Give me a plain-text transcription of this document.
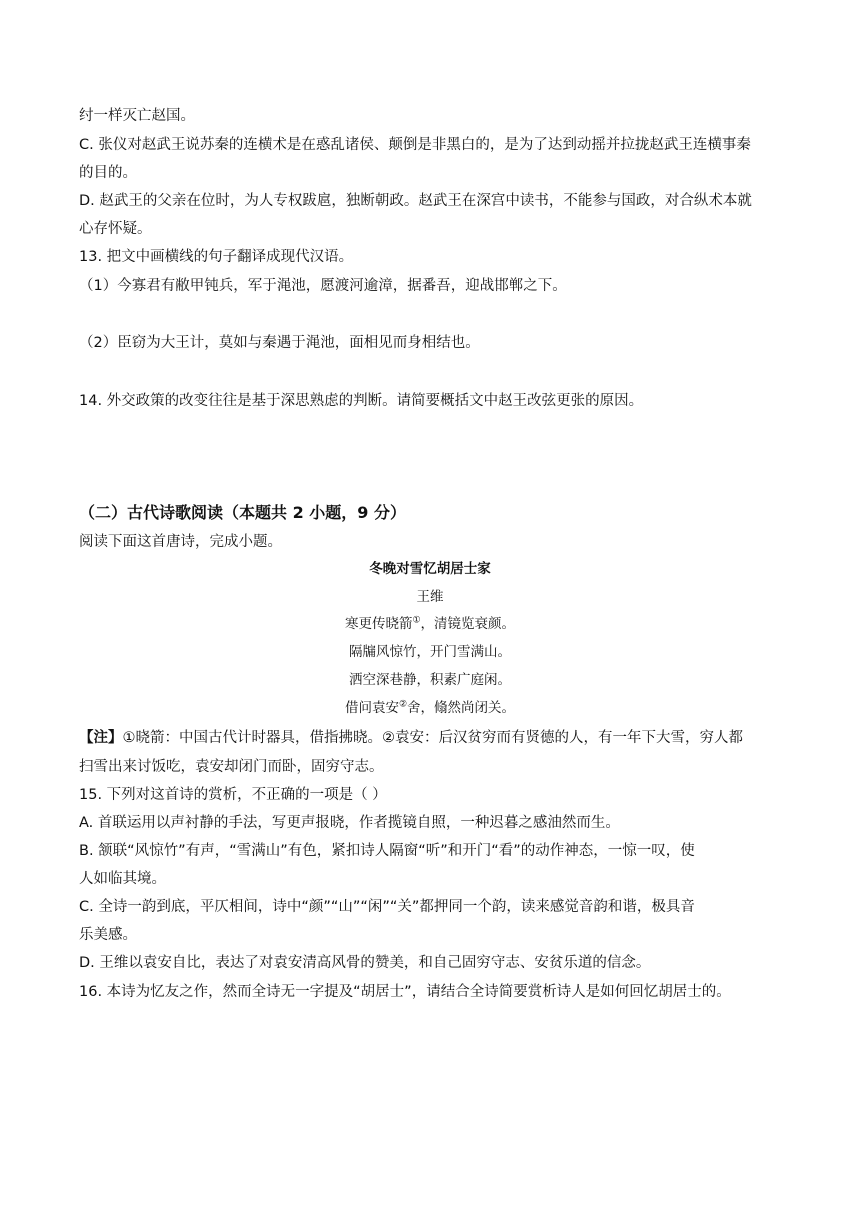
纣一样灭亡赵国。
C. 张仪对赵武王说苏秦的连横术是在惑乱诸侯、颠倒是非黑白的，是为了达到动摇并拉拢赵武王连横事秦
的目的。
D. 赵武王的父亲在位时，为人专权跋扈，独断朝政。赵武王在深宫中读书，不能参与国政，对合纵术本就
心存怀疑。
13. 把文中画横线的句子翻译成现代汉语。
（1）今寡君有敝甲钝兵，军于渑池，愿渡河逾漳，据番吾，迎战邯郸之下。
（2）臣窃为大王计，莫如与秦遇于渑池，面相见而身相结也。
14. 外交政策的改变往往是基于深思熟虑的判断。请简要概括文中赵王改弦更张的原因。
（二）古代诗歌阅读（本题共 2 小题，9 分）
阅读下面这首唐诗，完成小题。
冬晚对雪忆胡居士家
王维
寒更传晓箭①，清镜览衰颜。
隔牖风惊竹，开门雪满山。
洒空深巷静，积素广庭闲。
借问袁安②舍，翛然尚闭关。
【注】①晓箭：中国古代计时器具，借指拂晓。②袁安：后汉贫穷而有贤德的人，有一年下大雪，穷人都
扫雪出来讨饭吃，袁安却闭门而卧，固穷守志。
15. 下列对这首诗的赏析，不正确的一项是（ ）
A. 首联运用以声衬静的手法，写更声报晓，作者揽镜自照，一种迟暮之感油然而生。
B. 颔联“风惊竹”有声，“雪满山”有色，紧扣诗人隔窗“听”和开门“看”的动作神态，一惊一叹，使
人如临其境。
C. 全诗一韵到底，平仄相间，诗中“颜”“山”“闲”“关”都押同一个韵，读来感觉音韵和谐，极具音
乐美感。
D. 王维以袁安自比，表达了对袁安清高风骨的赞美，和自己固穷守志、安贫乐道的信念。
16. 本诗为忆友之作，然而全诗无一字提及“胡居士”，请结合全诗简要赏析诗人是如何回忆胡居士的。
